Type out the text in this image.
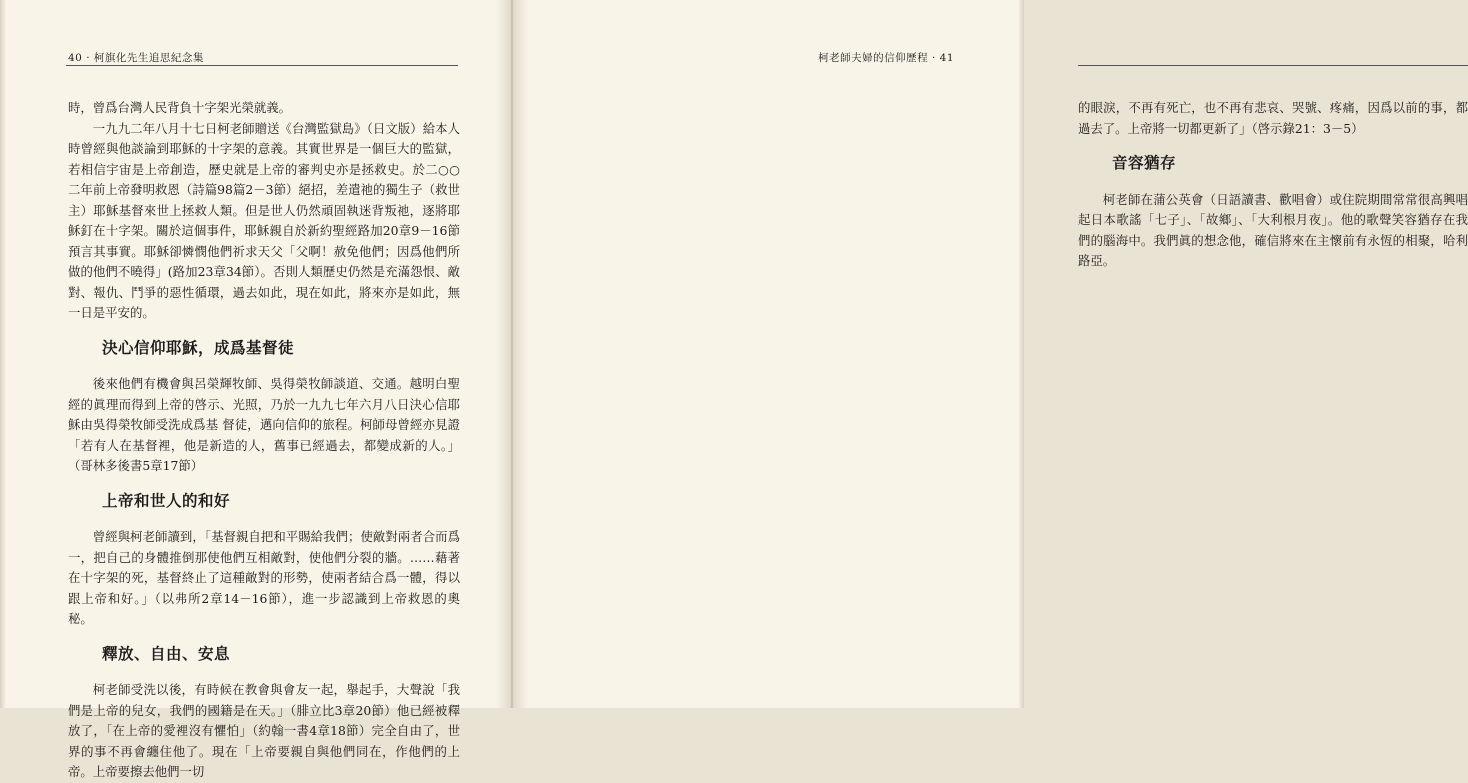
40 · 柯旗化先生追思紀念集

時，曾爲台灣人民背負十字架光榮就義。

一九九二年八月十七日柯老師贈送《台灣監獄島》（日文版）給本人時曾經與他談論到耶穌的十字架的意義。其實世界是一個巨大的監獄，若相信宇宙是上帝創造，歷史就是上帝的審判史亦是拯救史。於二○○二年前上帝發明救恩（詩篇98篇2－3節）絕招，差遣祂的獨生子（救世主）耶穌基督來世上拯救人類。但是世人仍然頑固執迷背叛祂，逐將耶穌釘在十字架。關於這個事件，耶穌親自於新約聖經路加20章9－16節預言其事實。耶穌卻憐憫他們祈求天父「父啊！赦免他們；因爲他們所做的他們不曉得」(路加23章34節）。否則人類歷史仍然是充滿怨恨、敵對、報仇、鬥爭的惡性循環，過去如此，現在如此，將來亦是如此，無一日是平安的。

決心信仰耶穌，成爲基督徒

後來他們有機會與呂榮輝牧師、吳得榮牧師談道、交通。越明白聖經的眞理而得到上帝的啓示、光照，乃於一九九七年六月八日決心信耶穌由吳得榮牧師受洗成爲基 督徒，邁向信仰的旅程。柯師母曾經亦見證「若有人在基督裡，他是新造的人，舊事已經過去，都變成新的人。」（哥林多後書5章17節）

上帝和世人的和好

曾經與柯老師讀到，「基督親自把和平賜給我們；使敵對兩者合而爲一，把自己的身體推倒那使他們互相敵對，使他們分裂的牆。……藉著在十字架的死，基督終止了這種敵對的形勢，使兩者結合爲一體，得以跟上帝和好。」（以弗所2章14－16節），進一步認識到上帝救恩的奧秘。

釋放、自由、安息

柯老師受洗以後，有時候在教會與會友一起，舉起手，大聲說「我們是上帝的兒女，我們的國籍是在天。」（腓立比3章20節）他已經被釋放了，「在上帝的愛裡沒有懼怕」（約翰一書4章18節）完全自由了，世界的事不再會纏住他了。現在「上帝要親自與他們同在，作他們的上帝。上帝要擦去他們一切

柯老師夫婦的信仰歷程 · 41

的眼淚，不再有死亡，也不再有悲哀、哭號、疼痛，因爲以前的事，都過去了。上帝將一切都更新了」（啓示錄21：3－5）

音容猶存

柯老師在蒲公英會（日語讀書、歡唱會）或住院期間常常很高興唱起日本歌謠「七子」、「故鄉」、「大利根月夜」。他的歌聲笑容猶存在我們的腦海中。我們眞的想念他，確信將來在主懷前有永恆的相聚，哈利路亞。
